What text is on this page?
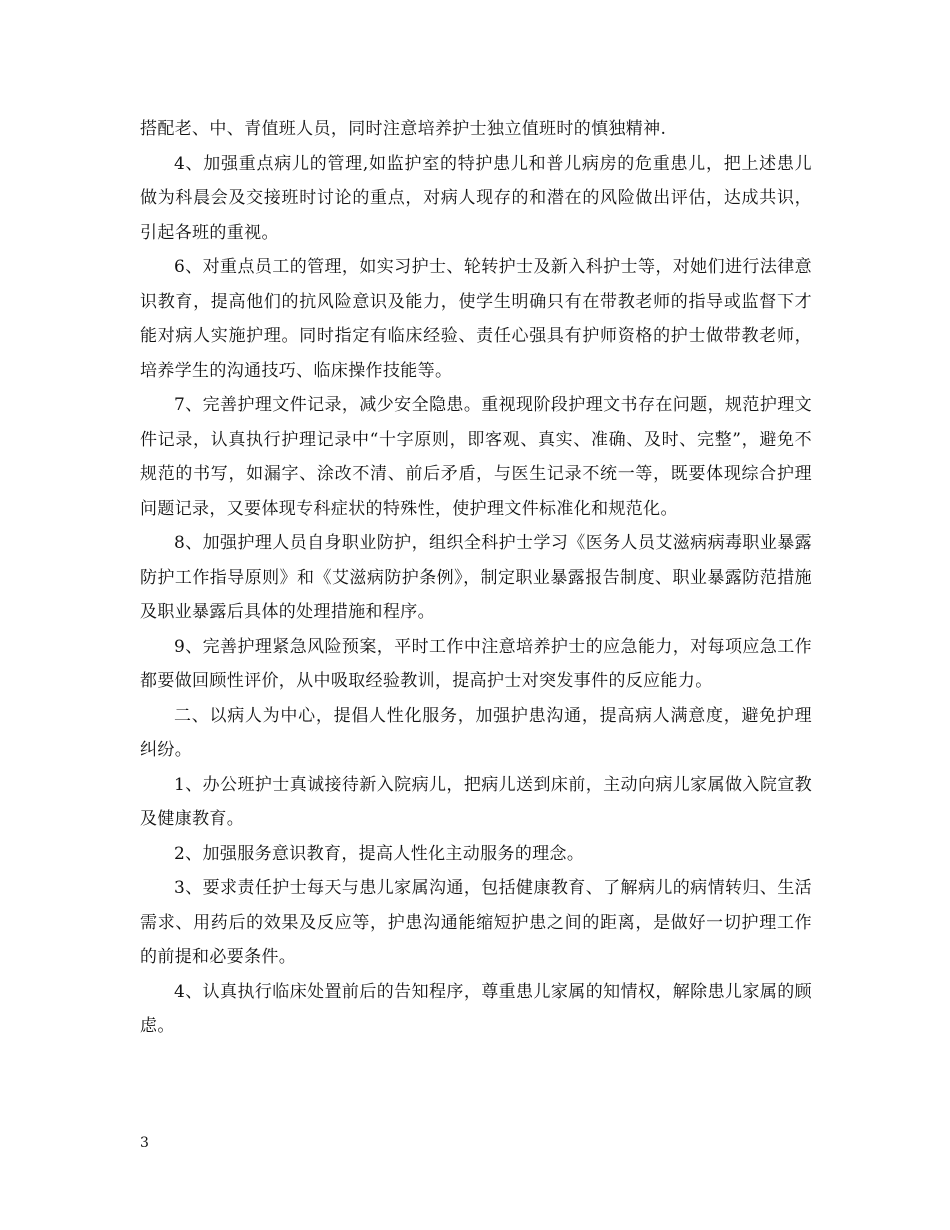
搭配老、中、青值班人员，同时注意培养护士独立值班时的慎独精神.

4、加强重点病儿的管理,如监护室的特护患儿和普儿病房的危重患儿，把上述患儿做为科晨会及交接班时讨论的重点，对病人现存的和潜在的风险做出评估，达成共识，引起各班的重视。

6、对重点员工的管理，如实习护士、轮转护士及新入科护士等，对她们进行法律意识教育，提高他们的抗风险意识及能力，使学生明确只有在带教老师的指导或监督下才能对病人实施护理。同时指定有临床经验、责任心强具有护师资格的护士做带教老师，培养学生的沟通技巧、临床操作技能等。

7、完善护理文件记录，减少安全隐患。重视现阶段护理文书存在问题，规范护理文件记录，认真执行护理记录中“十字原则，即客观、真实、准确、及时、完整”，避免不规范的书写，如漏字、涂改不清、前后矛盾，与医生记录不统一等，既要体现综合护理问题记录，又要体现专科症状的特殊性，使护理文件标准化和规范化。

8、加强护理人员自身职业防护，组织全科护士学习《医务人员艾滋病病毒职业暴露防护工作指导原则》和《艾滋病防护条例》，制定职业暴露报告制度、职业暴露防范措施及职业暴露后具体的处理措施和程序。

9、完善护理紧急风险预案，平时工作中注意培养护士的应急能力，对每项应急工作都要做回顾性评价，从中吸取经验教训，提高护士对突发事件的反应能力。

二、以病人为中心，提倡人性化服务，加强护患沟通，提高病人满意度，避免护理纠纷。

1、办公班护士真诚接待新入院病儿，把病儿送到床前，主动向病儿家属做入院宣教及健康教育。

2、加强服务意识教育，提高人性化主动服务的理念。

3、要求责任护士每天与患儿家属沟通，包括健康教育、了解病儿的病情转归、生活需求、用药后的效果及反应等，护患沟通能缩短护患之间的距离，是做好一切护理工作的前提和必要条件。

4、认真执行临床处置前后的告知程序，尊重患儿家属的知情权，解除患儿家属的顾虑。

3
